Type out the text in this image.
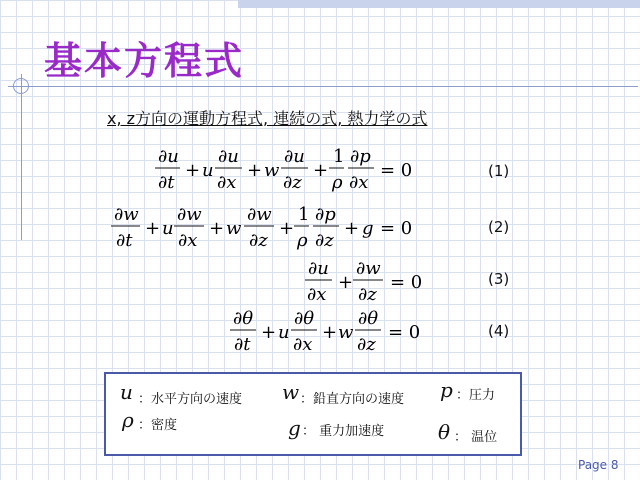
基本方程式
x, z方向の運動方程式, 連続の式, 熱力学の式
∂u
∂t
+ u
∂u
∂x
+ w
∂u
∂z
+
1
ρ
∂p
∂x
= 0
∂w
∂t
+ u
∂w
∂x
+ w
∂w
∂z
+
1
ρ
∂p
∂z
+ g = 0
∂u
∂x
+
∂w
∂z
= 0
∂θ
∂t
+ u
∂θ
∂x
+ w
∂θ
∂z
= 0
(1)
(2)
(3)
(4)
u ：水平方向の速度 w ：鉛直方向の速度 p ：圧力
ρ ：密度	g ： 重力加速度	θ ： 温位
Page 8
